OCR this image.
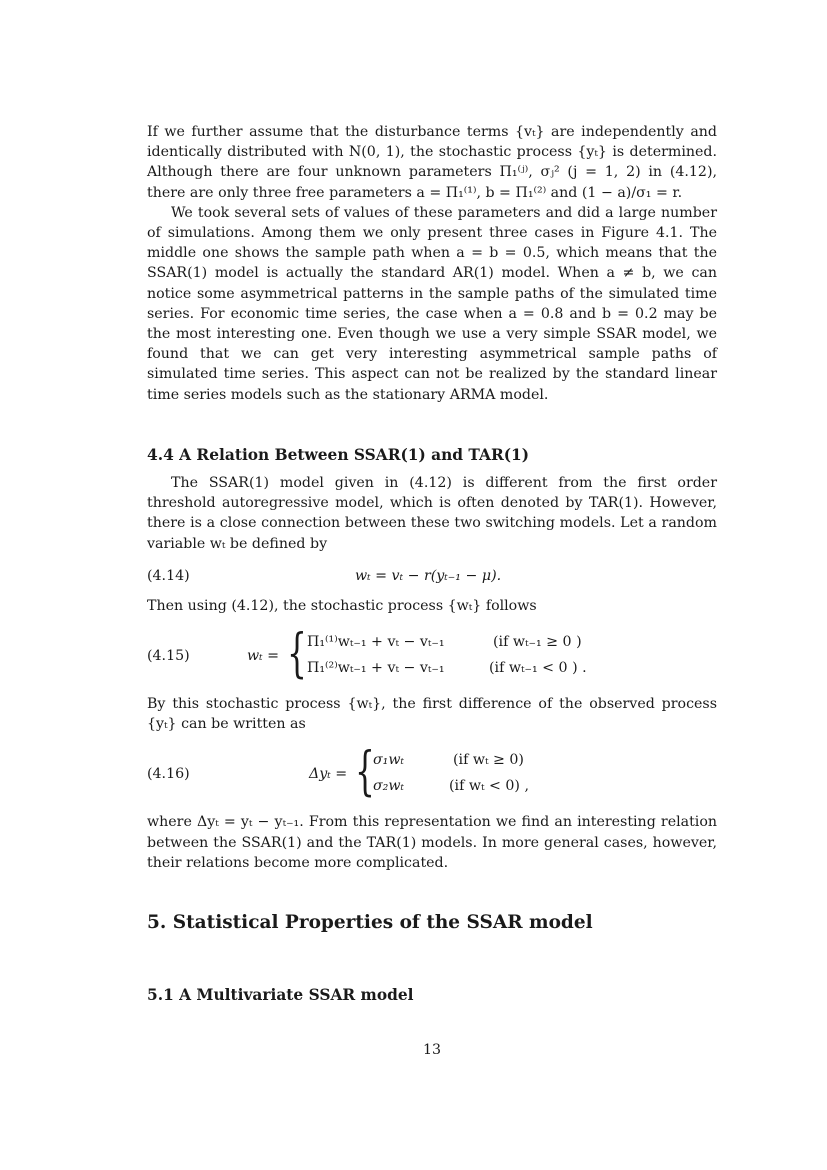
If we further assume that the disturbance terms {vₜ} are independently and identically distributed with N(0, 1), the stochastic process {yₜ} is determined. Although there are four unknown parameters Π₁⁽ʲ⁾, σⱼ² (j = 1, 2) in (4.12), there are only three free parameters a = Π₁⁽¹⁾, b = Π₁⁽²⁾ and (1 − a)/σ₁ = r.

We took several sets of values of these parameters and did a large number of simulations. Among them we only present three cases in Figure 4.1. The middle one shows the sample path when a = b = 0.5, which means that the SSAR(1) model is actually the standard AR(1) model. When a ≠ b, we can notice some asymmetrical patterns in the sample paths of the simulated time series. For economic time series, the case when a = 0.8 and b = 0.2 may be the most interesting one. Even though we use a very simple SSAR model, we found that we can get very interesting asymmetrical sample paths of simulated time series. This aspect can not be realized by the standard linear time series models such as the stationary ARMA model.

4.4 A Relation Between SSAR(1) and TAR(1)

The SSAR(1) model given in (4.12) is different from the first order threshold autoregressive model, which is often denoted by TAR(1). However, there is a close connection between these two switching models. Let a random variable wₜ be defined by

(4.14)	wₜ = vₜ − r(yₜ₋₁ − μ).

Then using (4.12), the stochastic process {wₜ} follows

(4.15)	wₜ = { Π₁⁽¹⁾wₜ₋₁ + vₜ − vₜ₋₁	(if wₜ₋₁ ≥ 0 )
Π₁⁽²⁾wₜ₋₁ + vₜ − vₜ₋₁	(if wₜ₋₁ < 0 ) .

By this stochastic process {wₜ}, the first difference of the observed process {yₜ} can be written as

(4.16)	Δyₜ = {
σ₁wₜ	(if wₜ ≥ 0)
σ₂wₜ	(if wₜ < 0) ,

where Δyₜ = yₜ − yₜ₋₁. From this representation we find an interesting relation between the SSAR(1) and the TAR(1) models. In more general cases, however, their relations become more complicated.

5. Statistical Properties of the SSAR model
5.1 A Multivariate SSAR model
13
